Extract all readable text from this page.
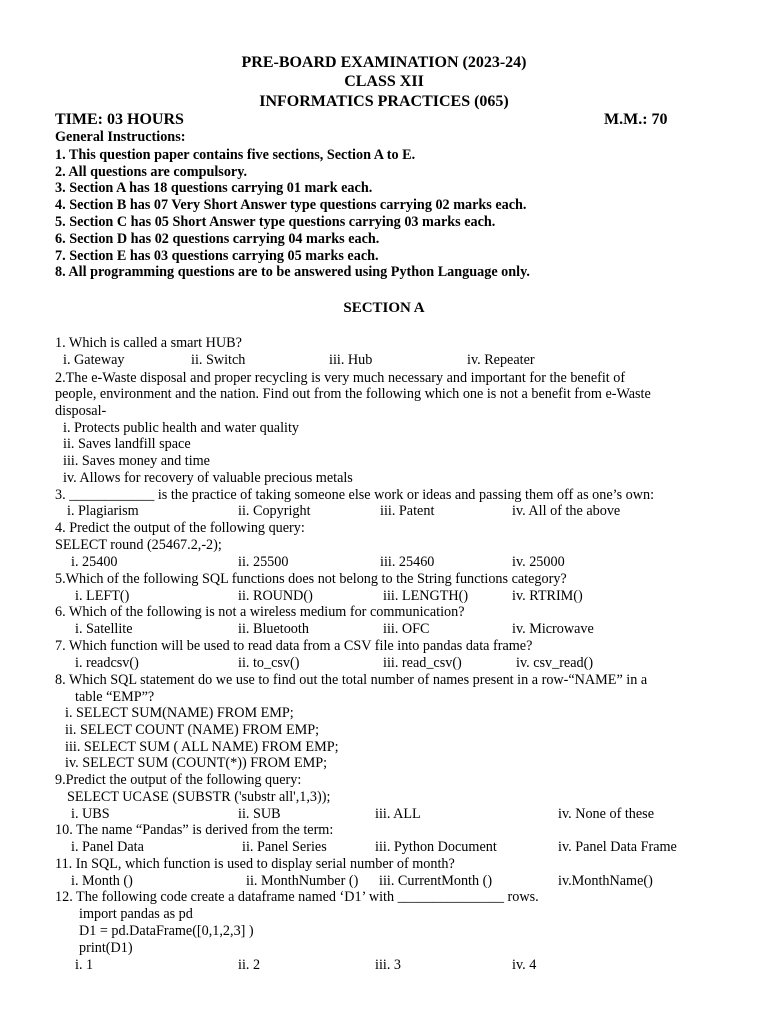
PRE-BOARD EXAMINATION (2023-24)
CLASS XII
INFORMATICS PRACTICES (065)
TIME: 03 HOURS	M.M.: 70
General Instructions:
1. This question paper contains five sections, Section A to E.
2. All questions are compulsory.
3. Section A has 18 questions carrying 01 mark each.
4. Section B has 07 Very Short Answer type questions carrying 02 marks each.
5. Section C has 05 Short Answer type questions carrying 03 marks each.
6. Section D has 02 questions carrying 04 marks each.
7. Section E has 03 questions carrying 05 marks each.
8. All programming questions are to be answered using Python Language only.
SECTION A
1. Which is called a smart HUB?
i. Gateway	ii. Switch	iii. Hub	iv. Repeater
2.The e-Waste disposal and proper recycling is very much necessary and important for the benefit of
people, environment and the nation. Find out from the following which one is not a benefit from e-Waste
disposal-
i. Protects public health and water quality
ii. Saves landfill space
iii. Saves money and time
iv. Allows for recovery of valuable precious metals
3. ____________ is the practice of taking someone else work or ideas and passing them off as one’s own:
i. Plagiarism	ii. Copyright	iii. Patent	iv. All of the above
4. Predict the output of the following query:
SELECT round (25467.2,-2);
i. 25400	ii. 25500	iii. 25460	iv. 25000
5.Which of the following SQL functions does not belong to the String functions category?
i. LEFT()	ii. ROUND()	iii. LENGTH()	iv. RTRIM()
6. Which of the following is not a wireless medium for communication?
i. Satellite	ii. Bluetooth	iii. OFC	iv. Microwave
7. Which function will be used to read data from a CSV file into pandas data frame?
i. readcsv()	ii. to_csv()	iii. read_csv()	iv. csv_read()
8. Which SQL statement do we use to find out the total number of names present in a row-“NAME” in a
table “EMP”?
i. SELECT SUM(NAME) FROM EMP;
ii. SELECT COUNT (NAME) FROM EMP;
iii. SELECT SUM ( ALL NAME) FROM EMP;
iv. SELECT SUM (COUNT(*)) FROM EMP;
9.Predict the output of the following query:
SELECT UCASE (SUBSTR ('substr all',1,3));
i. UBS	ii. SUB	iii. ALL	iv. None of these
10. The name “Pandas” is derived from the term:
i. Panel Data	ii. Panel Series	iii. Python Document	iv. Panel Data Frame
11. In SQL, which function is used to display serial number of month?
i. Month ()	ii. MonthNumber () iii. CurrentMonth ()	iv.MonthName()
12. The following code create a dataframe named ‘D1’ with _______________ rows.
import pandas as pd
D1 = pd.DataFrame([0,1,2,3] )
print(D1)
i. 1	ii. 2	iii. 3	iv. 4
